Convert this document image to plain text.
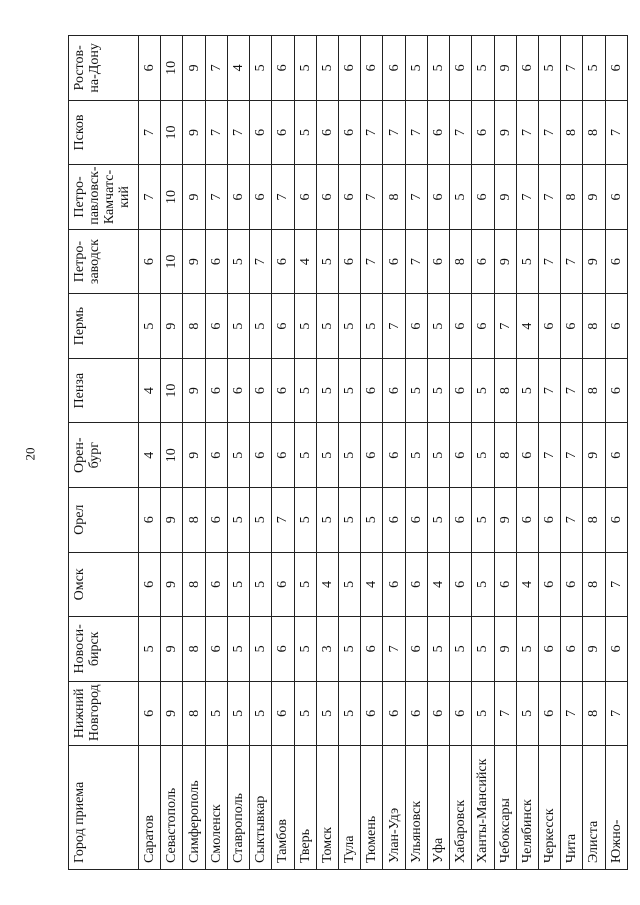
20
Город приема	Нижний Новгород	Новоси-бирск	Омск	Орел	Орен-бург	Пенза	Пермь	Петро-заводск	Петро-павловск-Камчатс-кий	Псков	Ростов-на-Дону
Саратов	6	5	6	6	4	4	5	6	7	7	6
Севастополь	9	9	9	9	10	10	9	10	10	10	10
Симферополь	8	8	8	8	9	9	8	9	9	9	9
Смоленск	5	6	6	6	6	6	6	6	7	7	7
Ставрополь	5	5	5	5	5	6	5	5	6	7	4
Сыктывкар	5	5	5	5	6	6	5	7	6	6	5
Тамбов	6	6	6	7	6	6	6	6	7	6	6
Тверь	5	5	5	5	5	5	5	4	6	5	5
Томск	5	3	4	5	5	5	5	5	6	6	5
Тула	5	5	5	5	5	5	5	6	6	6	6
Тюмень	6	6	4	5	6	6	5	7	7	7	6
Улан-Удэ	6	7	6	6	6	6	7	6	8	7	6
Ульяновск	6	6	6	6	5	5	6	7	7	7	5
Уфа	6	5	4	5	5	5	5	6	6	6	5
Хабаровск	6	5	6	6	6	6	6	8	5	7	6
Ханты-Мансийск	5	5	5	5	5	5	6	6	6	6	5
Чебоксары	7	9	6	9	8	8	7	9	9	9	9
Челябинск	5	5	4	6	6	5	4	5	7	7	6
Черкесск	6	6	6	6	7	7	6	7	7	7	5
Чита	7	6	6	7	7	7	6	7	8	8	7
Элиста	8	9	8	8	9	8	8	9	9	8	5
Южно-	7	6	7	6	6	6	6	6	6	7	6
